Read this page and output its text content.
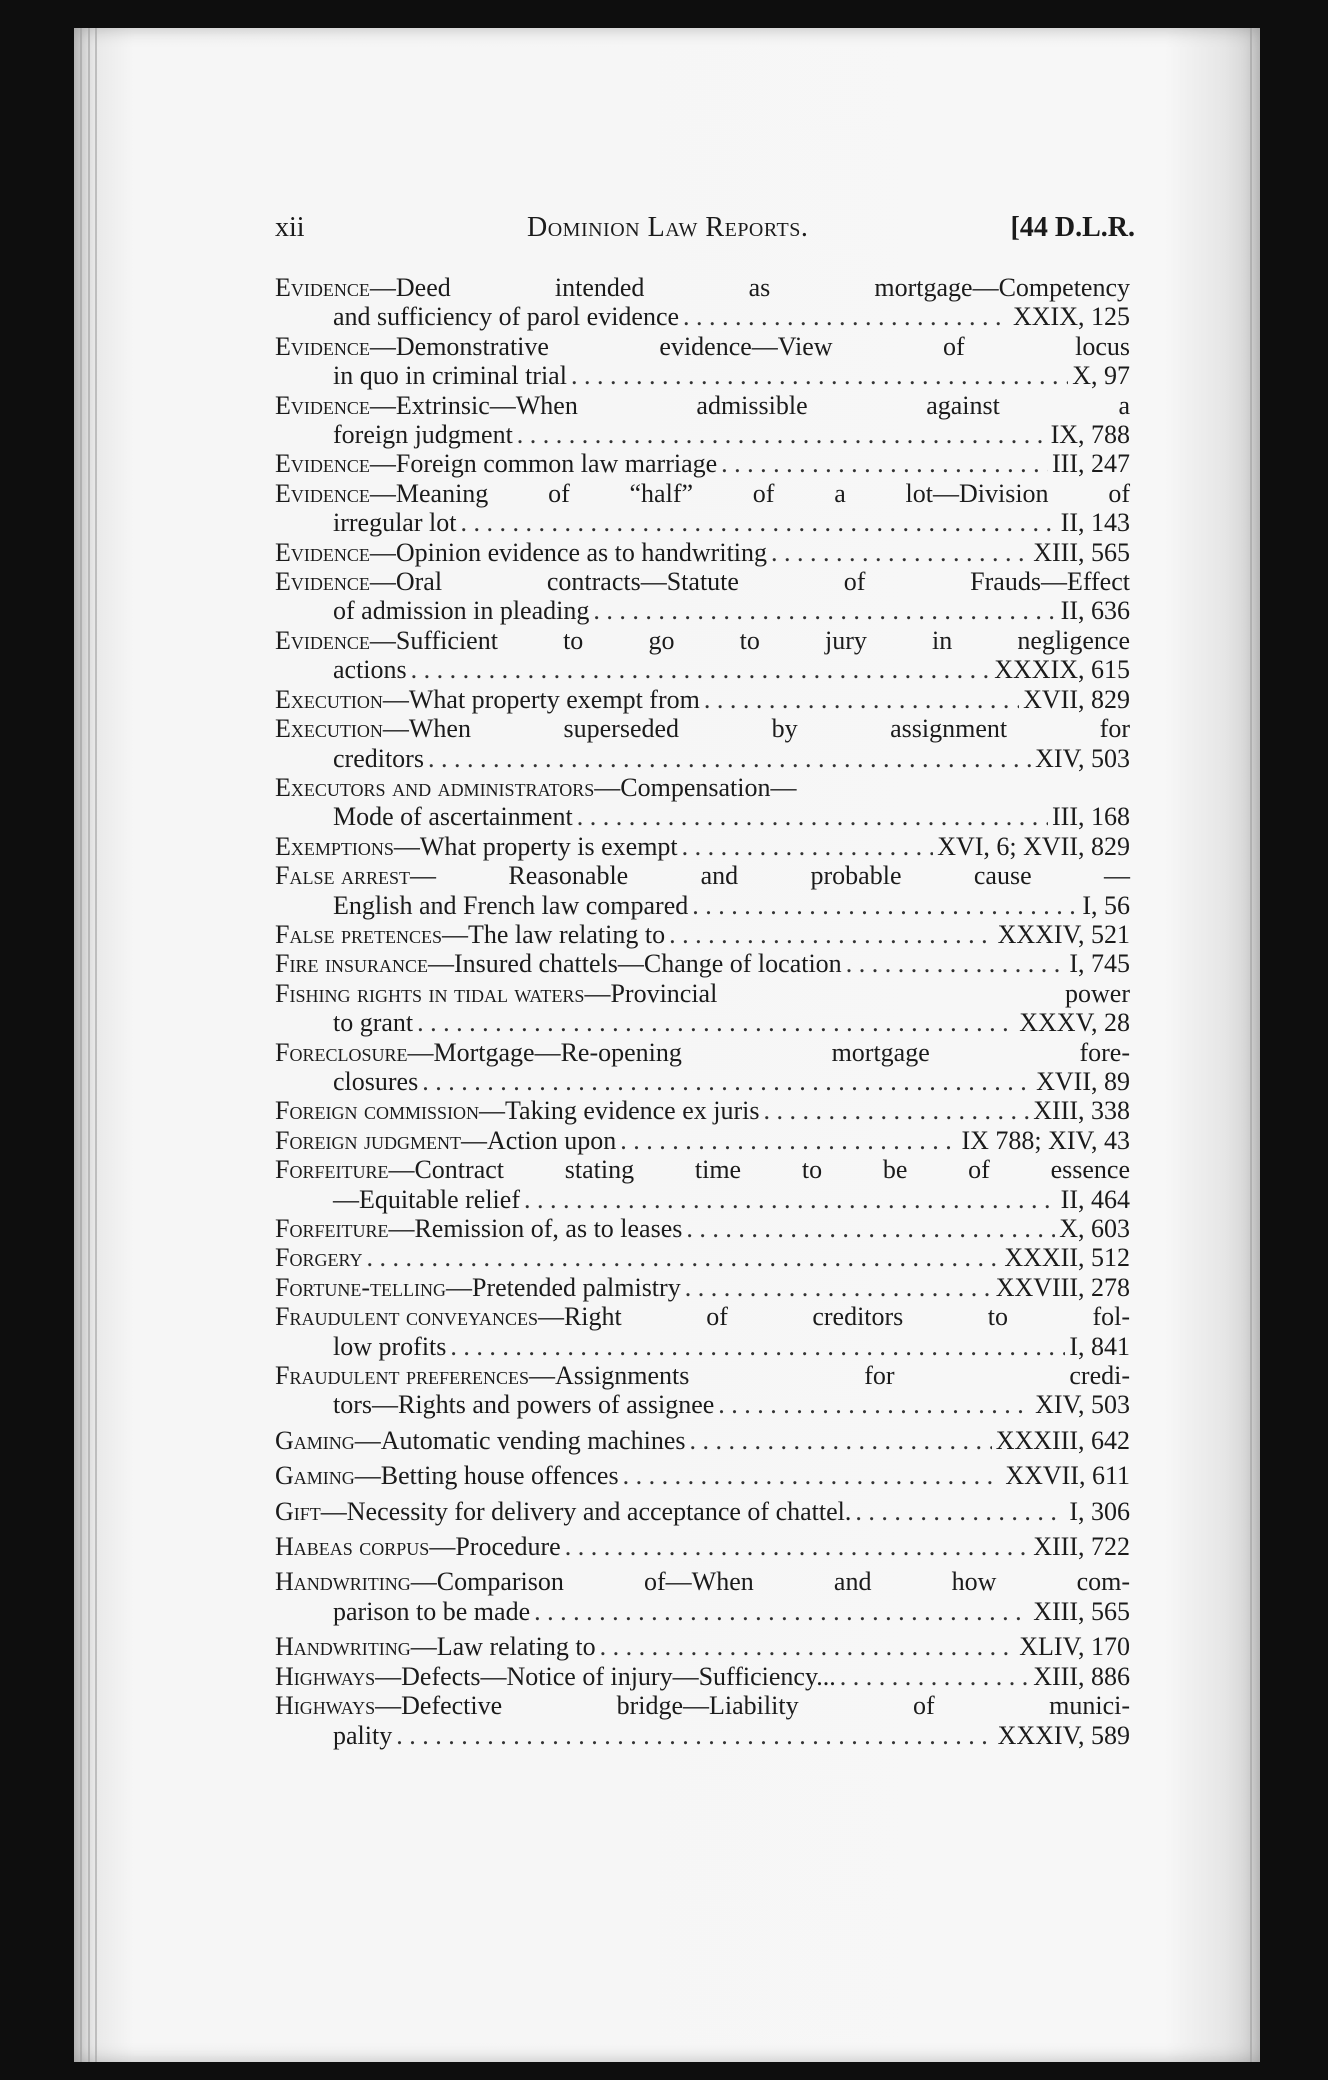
xii	Dominion Law Reports.	[44 D.L.R.
Evidence —Deed intended as mortgage—Competency
and sufficiency of parol evidence . . .	XXIX, 125
Evidence —Demonstrative evidence—View of locus
in quo in criminal trial . . .	X, 97
Evidence —Extrinsic—When admissible against a
foreign judgment . . .	IX, 788
Evidence —Foreign common law marriage . . .	III, 247
Evidence —Meaning of “half” of a lot—Division of
irregular lot . . .	II, 143
Evidence —Opinion evidence as to handwriting . . .	XIII, 565
Evidence —Oral contracts—Statute of Frauds—Effect
of admission in pleading . . .	II, 636
Evidence —Sufficient to go to jury in negligence
actions . . .	XXXIX, 615
Execution —What property exempt from . . .	XVII, 829
Execution —When superseded by assignment for
creditors . . .	XIV, 503
Executors and administrators —Compensation—
Mode of ascertainment . . .	III, 168
Exemptions —What property is exempt . . .	XVI, 6; XVII, 829
False arrest — Reasonable and probable cause —
English and French law compared . . .	I, 56
False pretences —The law relating to . . .	XXXIV, 521
Fire insurance —Insured chattels—Change of location . . .	I, 745
Fishing rights in tidal waters —Provincial power
to grant . . .	XXXV, 28
Foreclosure —Mortgage—Re-opening mortgage fore-
closures . . .	XVII, 89
Foreign commission —Taking evidence ex juris . . .	XIII, 338
Foreign judgment —Action upon . . .	IX 788; XIV, 43
Forfeiture —Contract stating time to be of essence
—Equitable relief . . .	II, 464
Forfeiture —Remission of, as to leases . . .	X, 603
Forgery . . .	XXXII, 512
Fortune-telling —Pretended palmistry . . .	XXVIII, 278
Fraudulent conveyances —Right of creditors to fol-
low profits . . .	I, 841
Fraudulent preferences —Assignments for credi-
tors—Rights and powers of assignee . . .	XIV, 503
Gaming —Automatic vending machines . . .	XXXIII, 642
Gaming —Betting house offences . . .	XXVII, 611
Gift —Necessity for delivery and acceptance of chattel. . . .	I, 306
Habeas corpus —Procedure . . .	XIII, 722
Handwriting —Comparison of—When and how com-
parison to be made . . .	XIII, 565
Handwriting —Law relating to . . .	XLIV, 170
Highways —Defects—Notice of injury—Sufficiency... . . .	XIII, 886
Highways —Defective bridge—Liability of munici-
pality . . .	XXXIV, 589
